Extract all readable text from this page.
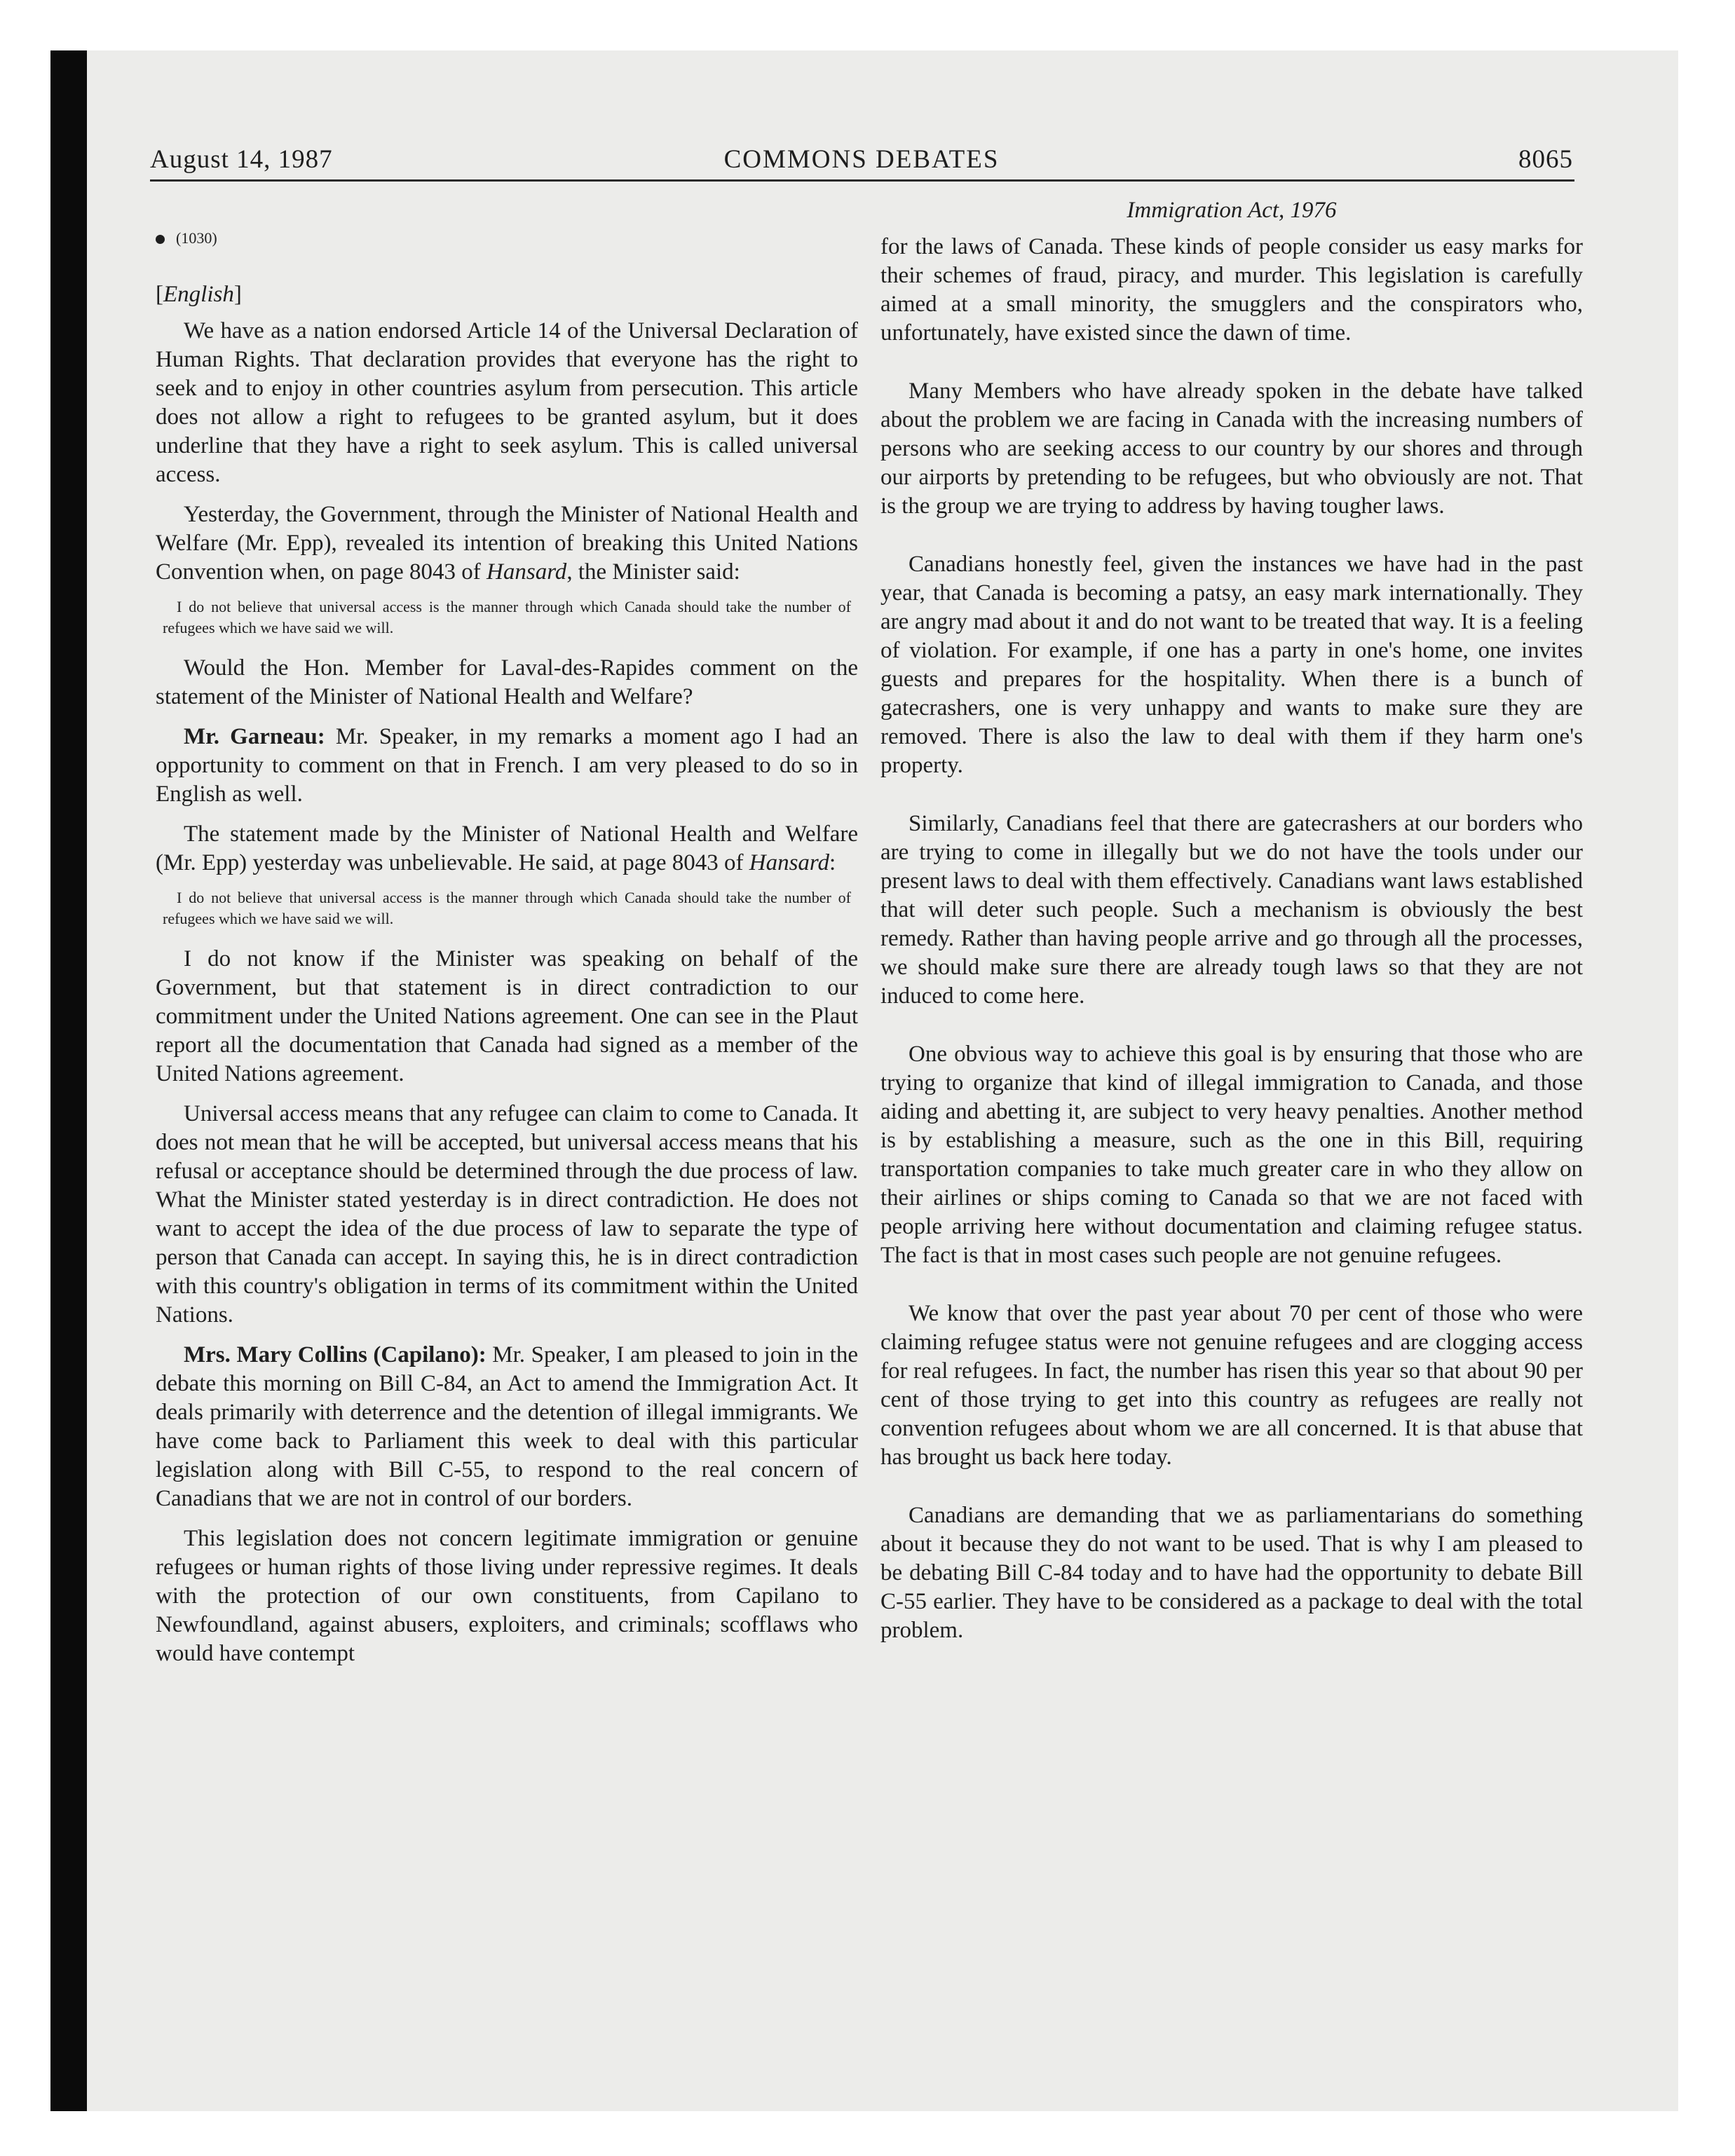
August 14, 1987	COMMONS DEBATES	8065
(1030)
[English]

We have as a nation endorsed Article 14 of the Universal Declaration of Human Rights. That declaration provides that everyone has the right to seek and to enjoy in other countries asylum from persecution. This article does not allow a right to refugees to be granted asylum, but it does underline that they have a right to seek asylum. This is called universal access.

Yesterday, the Government, through the Minister of National Health and Welfare (Mr. Epp), revealed its intention of breaking this United Nations Convention when, on page 8043 of Hansard, the Minister said:

I do not believe that universal access is the manner through which Canada should take the number of refugees which we have said we will.

Would the Hon. Member for Laval-des-Rapides comment on the statement of the Minister of National Health and Welfare?

Mr. Garneau: Mr. Speaker, in my remarks a moment ago I had an opportunity to comment on that in French. I am very pleased to do so in English as well.

The statement made by the Minister of National Health and Welfare (Mr. Epp) yesterday was unbelievable. He said, at page 8043 of Hansard:

I do not believe that universal access is the manner through which Canada should take the number of refugees which we have said we will.

I do not know if the Minister was speaking on behalf of the Government, but that statement is in direct contradiction to our commitment under the United Nations agreement. One can see in the Plaut report all the documentation that Canada had signed as a member of the United Nations agreement.

Universal access means that any refugee can claim to come to Canada. It does not mean that he will be accepted, but universal access means that his refusal or acceptance should be determined through the due process of law. What the Minister stated yesterday is in direct contradiction. He does not want to accept the idea of the due process of law to separate the type of person that Canada can accept. In saying this, he is in direct contradiction with this country's obligation in terms of its commitment within the United Nations.

Mrs. Mary Collins (Capilano): Mr. Speaker, I am pleased to join in the debate this morning on Bill C-84, an Act to amend the Immigration Act. It deals primarily with deterrence and the detention of illegal immigrants. We have come back to Parliament this week to deal with this particular legislation along with Bill C-55, to respond to the real concern of Canadians that we are not in control of our borders.

This legislation does not concern legitimate immigration or genuine refugees or human rights of those living under repressive regimes. It deals with the protection of our own constituents, from Capilano to Newfoundland, against abusers, exploiters, and criminals; scofflaws who would have contempt

Immigration Act, 1976

for the laws of Canada. These kinds of people consider us easy marks for their schemes of fraud, piracy, and murder. This legislation is carefully aimed at a small minority, the smugglers and the conspirators who, unfortunately, have existed since the dawn of time.

Many Members who have already spoken in the debate have talked about the problem we are facing in Canada with the increasing numbers of persons who are seeking access to our country by our shores and through our airports by pretending to be refugees, but who obviously are not. That is the group we are trying to address by having tougher laws.

Canadians honestly feel, given the instances we have had in the past year, that Canada is becoming a patsy, an easy mark internationally. They are angry mad about it and do not want to be treated that way. It is a feeling of violation. For example, if one has a party in one's home, one invites guests and prepares for the hospitality. When there is a bunch of gatecrashers, one is very unhappy and wants to make sure they are removed. There is also the law to deal with them if they harm one's property.

Similarly, Canadians feel that there are gatecrashers at our borders who are trying to come in illegally but we do not have the tools under our present laws to deal with them effectively. Canadians want laws established that will deter such people. Such a mechanism is obviously the best remedy. Rather than having people arrive and go through all the processes, we should make sure there are already tough laws so that they are not induced to come here.

One obvious way to achieve this goal is by ensuring that those who are trying to organize that kind of illegal immigration to Canada, and those aiding and abetting it, are subject to very heavy penalties. Another method is by establishing a measure, such as the one in this Bill, requiring transportation companies to take much greater care in who they allow on their airlines or ships coming to Canada so that we are not faced with people arriving here without documentation and claiming refugee status. The fact is that in most cases such people are not genuine refugees.

We know that over the past year about 70 per cent of those who were claiming refugee status were not genuine refugees and are clogging access for real refugees. In fact, the number has risen this year so that about 90 per cent of those trying to get into this country as refugees are really not convention refugees about whom we are all concerned. It is that abuse that has brought us back here today.

Canadians are demanding that we as parliamentarians do something about it because they do not want to be used. That is why I am pleased to be debating Bill C-84 today and to have had the opportunity to debate Bill C-55 earlier. They have to be considered as a package to deal with the total problem.
